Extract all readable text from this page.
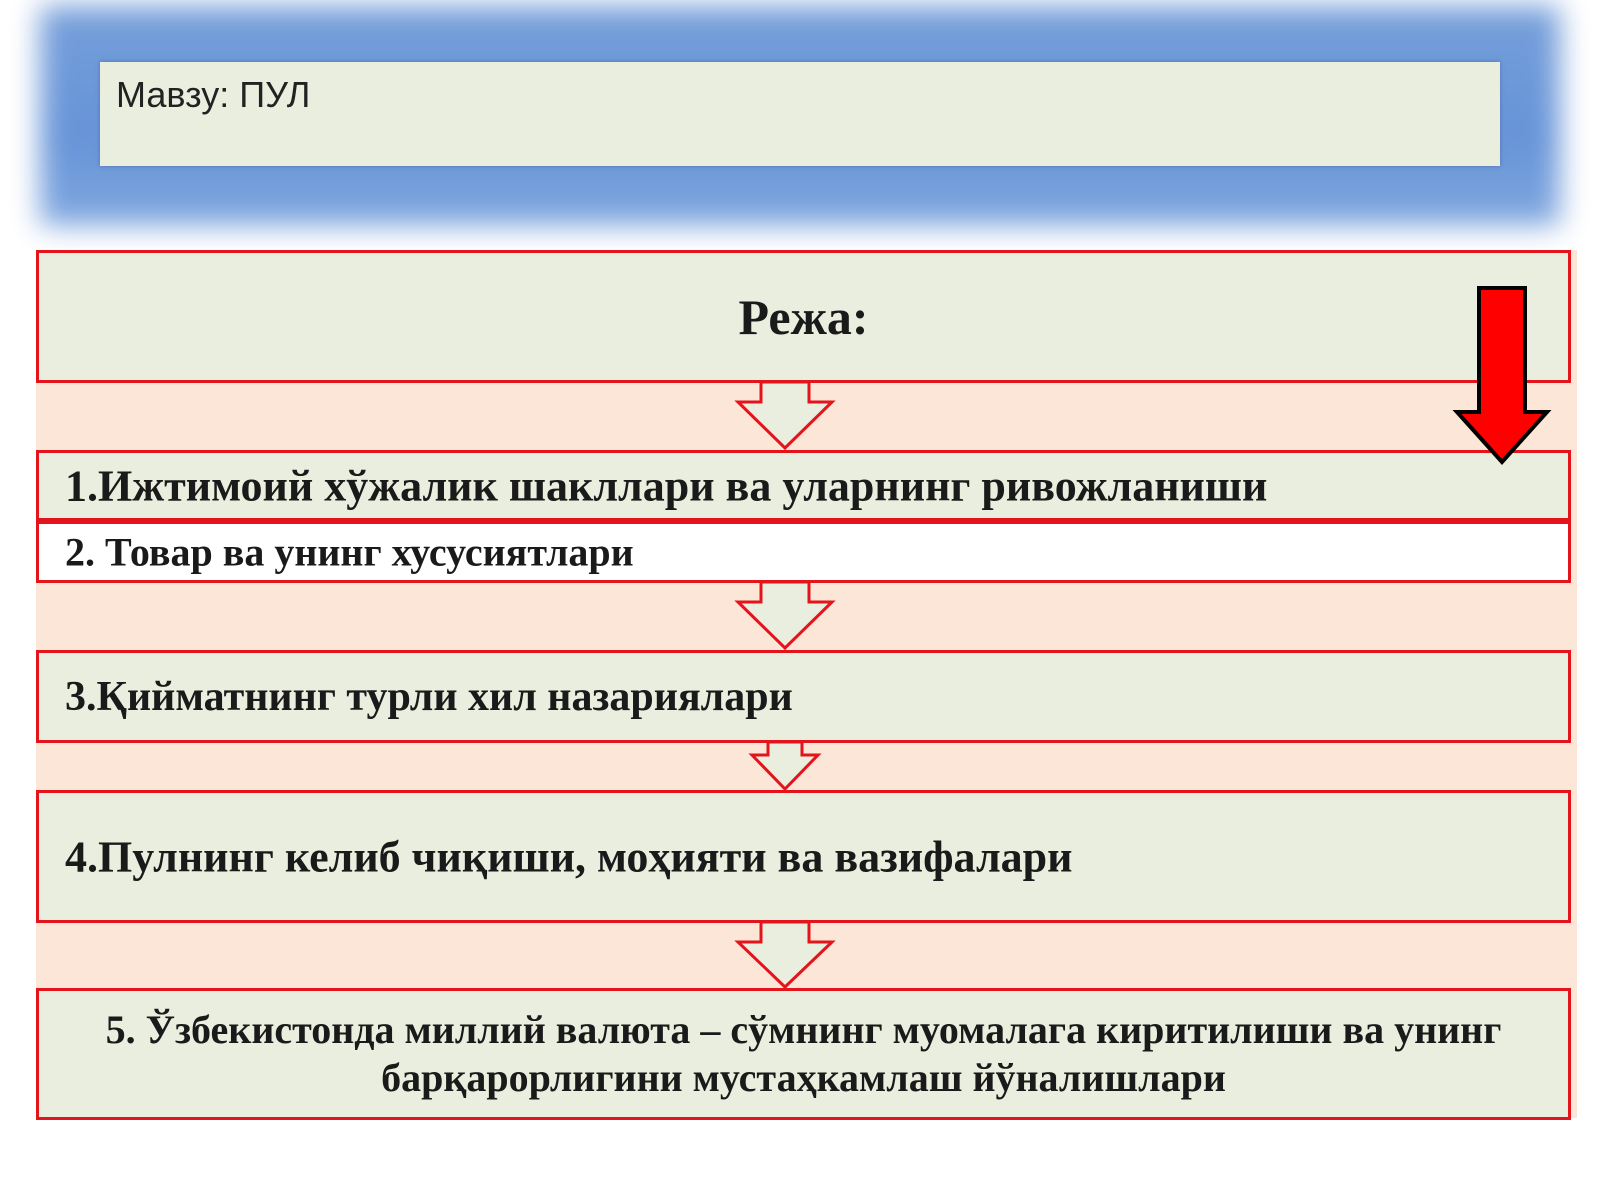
Мавзу: ПУЛ
Режа:
1.Ижтимоий хўжалик шакллари ва уларнинг ривожланиши
2. Товар ва унинг хусусиятлари
3.Қийматнинг турли хил назариялари
4.Пулнинг келиб чиқиши, моҳияти ва вазифалари
5. Ўзбекистонда миллий валюта – сўмнинг муомалага киритилиши ва унинг барқарорлигини мустаҳкамлаш йўналишлари
